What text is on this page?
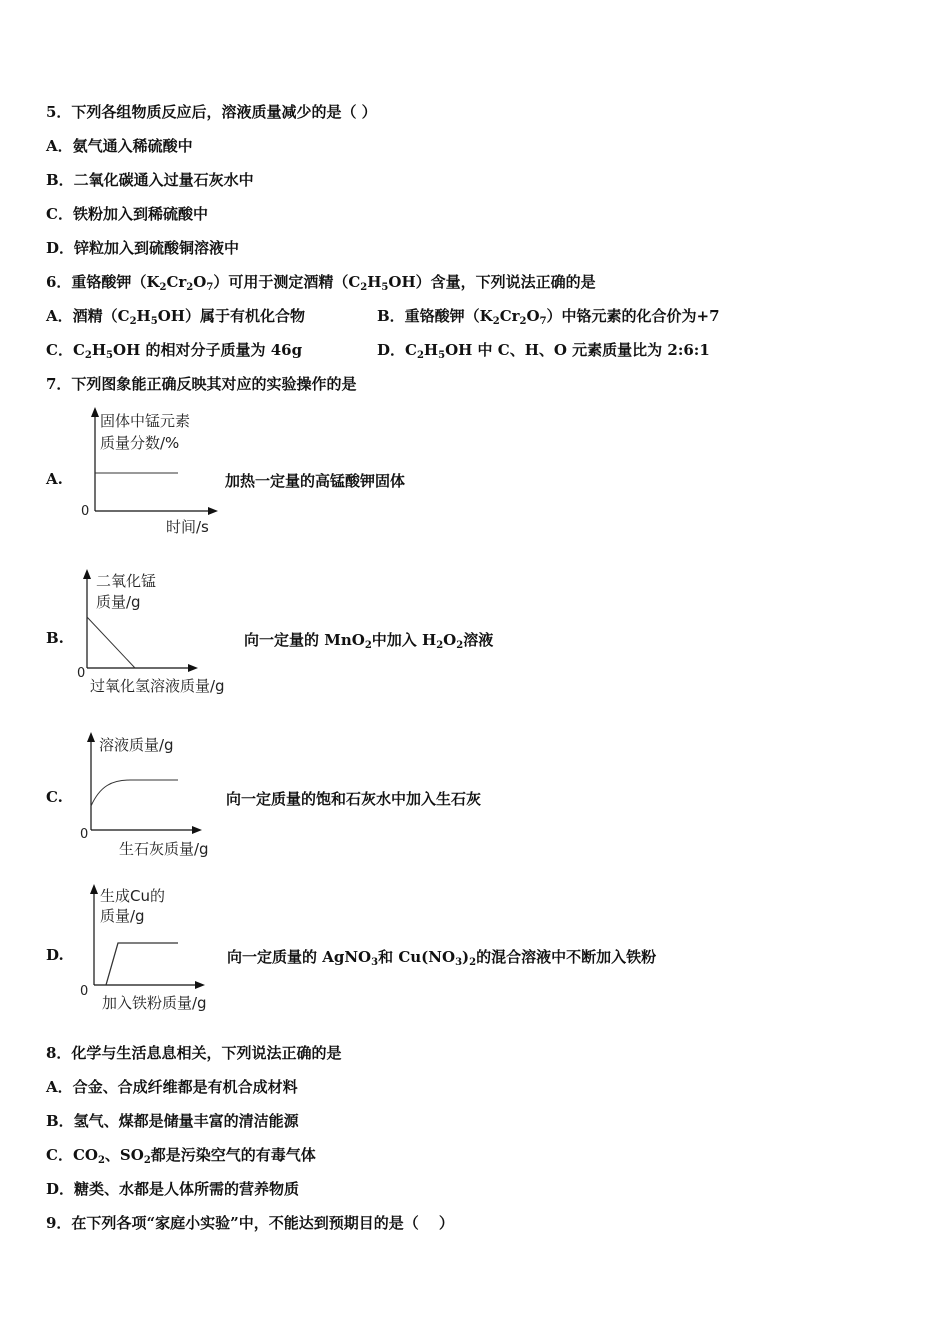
5．下列各组物质反应后，溶液质量减少的是（ ）
A．氨气通入稀硫酸中
B．二氧化碳通入过量石灰水中
C．铁粉加入到稀硫酸中
D．锌粒加入到硫酸铜溶液中
6．重铬酸钾$(K_2Cr_2O_7)$可用于测定酒精$(C_2H_5OH)$含量，下列说法正确的是
A．酒精$(C_2H_5OH)$属于有机化合物	B．重铬酸钾$(K_2Cr_2O_7)$中铬元素的化合价为+7
C．$C_2H_5OH$ 的相对分子质量为 46g	D．$C_2H_5OH$ 中 C、H、O 元素质量比为 2:6:1
7．下列图象能正确反映其对应的实验操作的是
A.
固体中锰元素
质量分数/%
0
时间/s
加热一定量的高锰酸钾固体
B.
二氧化锰
质量/g
0
过氧化氢溶液质量/g
向一定量的 MnO$_2$中加入 $H_2O_2$溶液
C.
溶液质量/g
0
生石灰质量/g
向一定质量的饱和石灰水中加入生石灰
D.
生成Cu的
质量/g
0
加入铁粉质量/g
向一定质量的 AgNO$_3$和 $Cu(NO_3)_2$的混合溶液中不断加入铁粉
8．化学与生活息息相关，下列说法正确的是
A．合金、合成纤维都是有机合成材料
B．氢气、煤都是储量丰富的清洁能源
C．$CO_2$、$SO_2$都是污染空气的有毒气体
D．糖类、水都是人体所需的营养物质
9．在下列各项“家庭小实验”中，不能达到预期目的是（　 ）
